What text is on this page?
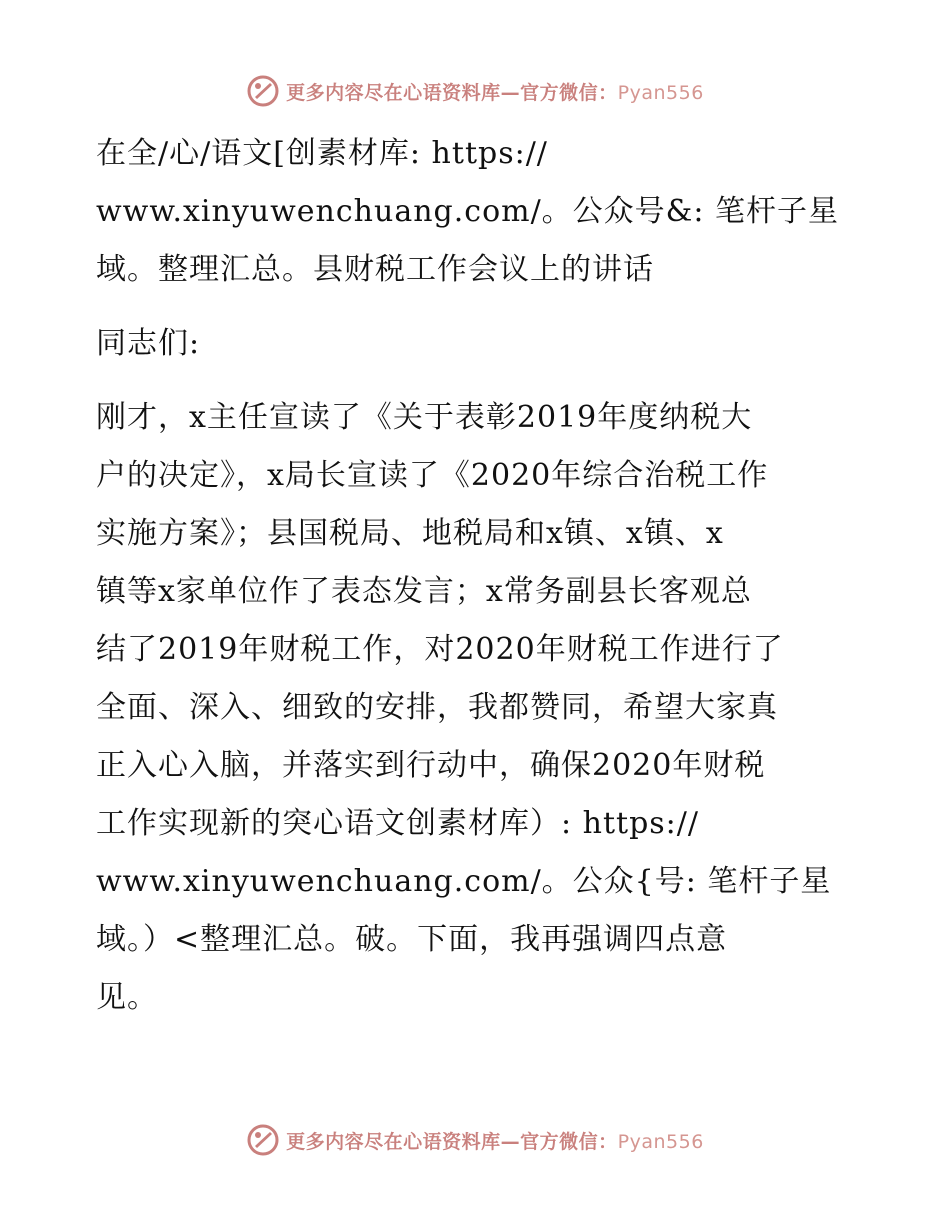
更多内容尽在心语资料库—官方微信：Pyan556
在全/心/语文[创素材库: https://
www.xinyuwenchuang.com/。公众号&: 笔杆子星
域。整理汇总。县财税工作会议上的讲话
同志们:
刚才，x主任宣读了《关于表彰2019年度纳税大
户的决定》，x局长宣读了《2020年综合治税工作
实施方案》；县国税局、地税局和x镇、x镇、x
镇等x家单位作了表态发言；x常务副县长客观总
结了2019年财税工作，对2020年财税工作进行了
全面、深入、细致的安排，我都赞同，希望大家真
正入心入脑，并落实到行动中，确保2020年财税
工作实现新的突心语文创素材库）: https://
www.xinyuwenchuang.com/。公众{号: 笔杆子星
域。）<整理汇总。破。下面，我再强调四点意
见。
更多内容尽在心语资料库—官方微信：Pyan556
